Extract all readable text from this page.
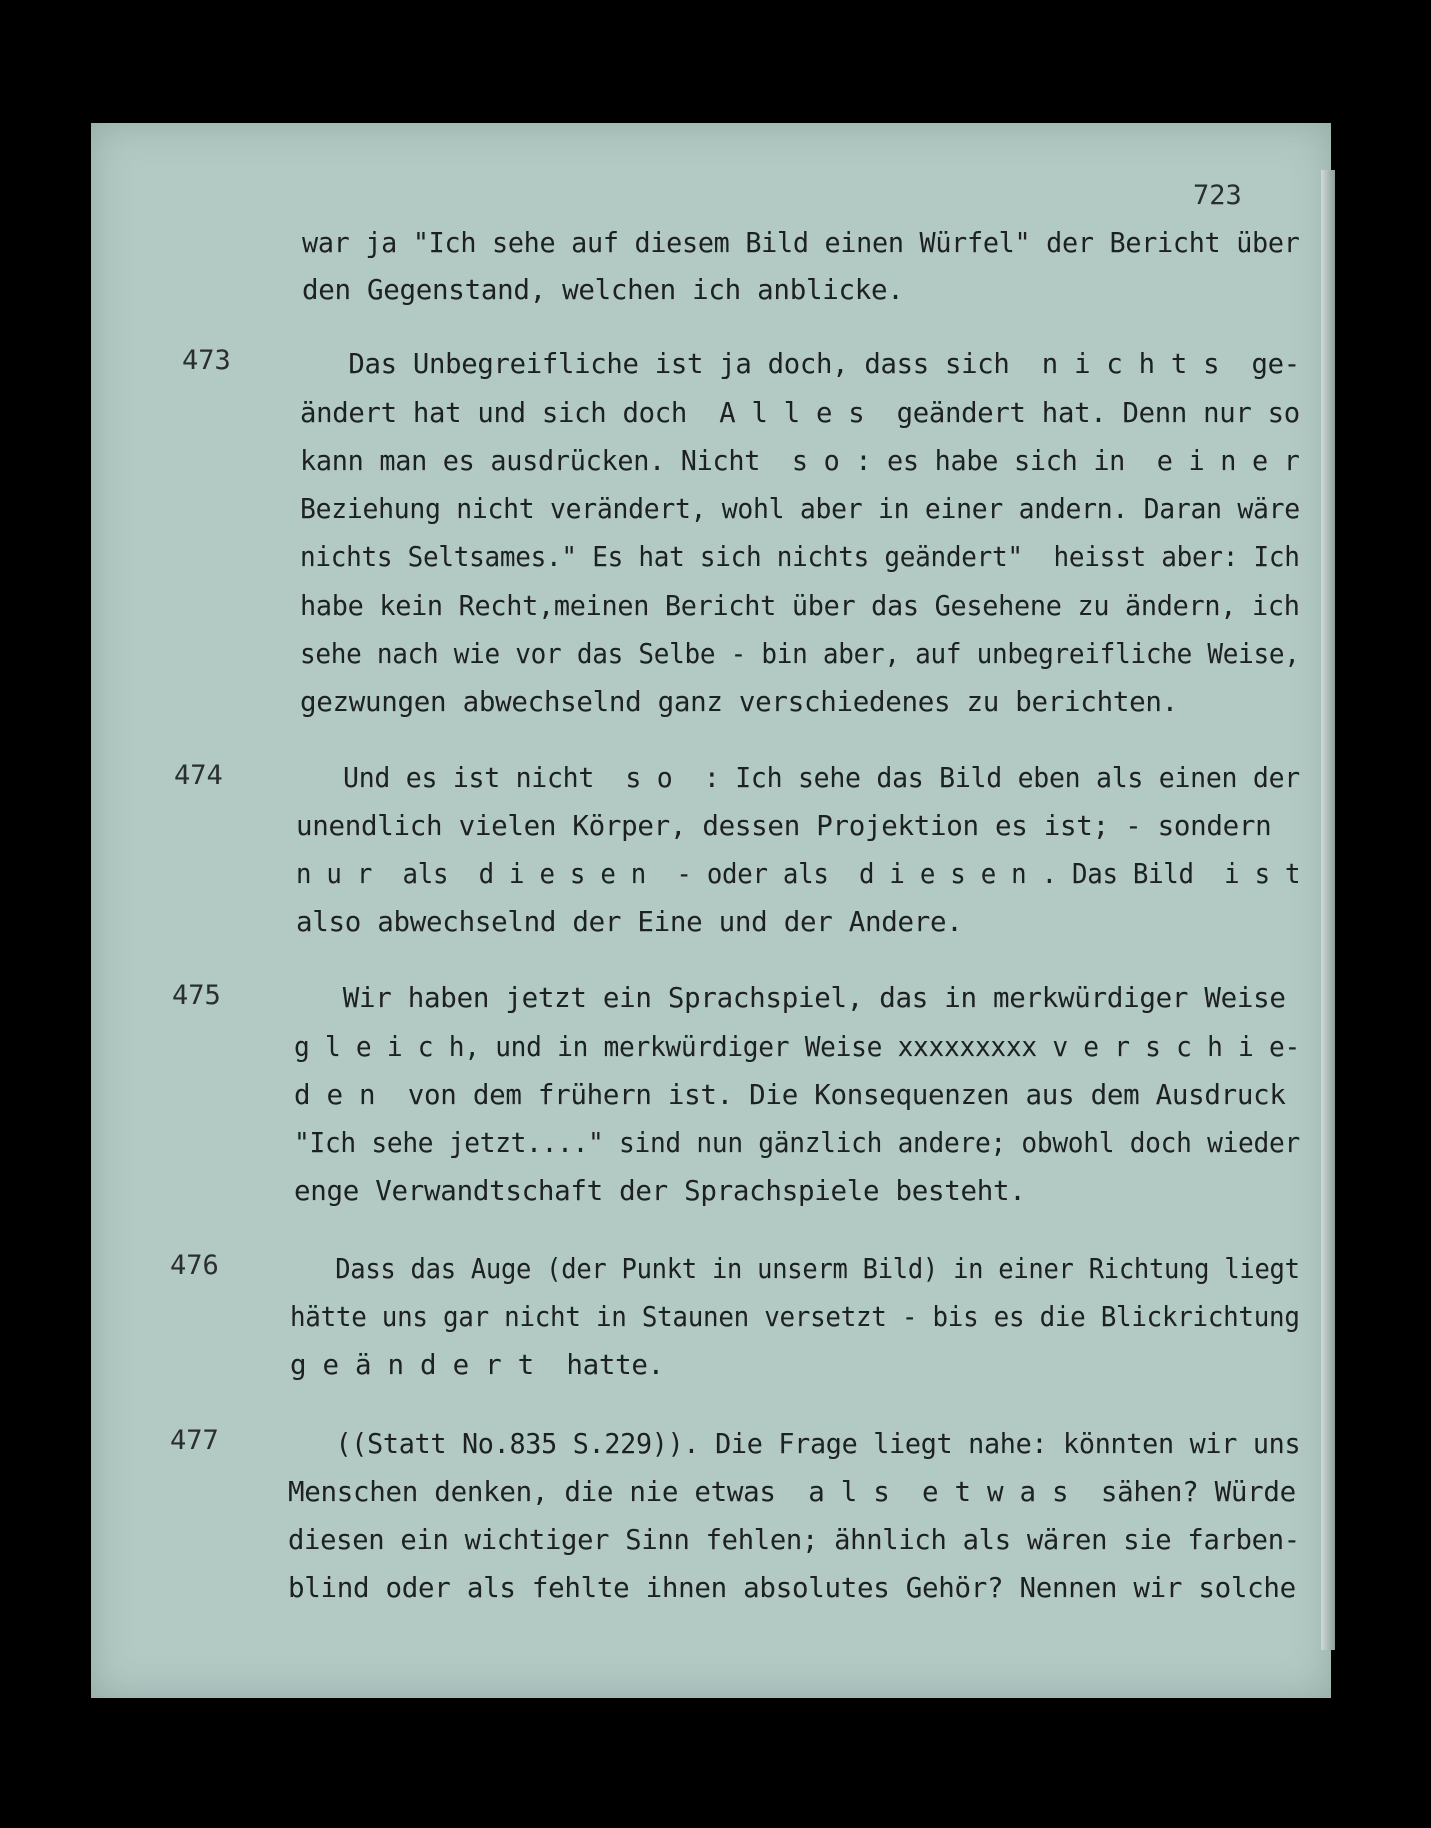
723
war ja "Ich sehe auf diesem Bild einen Würfel" der Bericht über
den Gegenstand, welchen ich anblicke.
473	Das Unbegreifliche ist ja doch, dass sich  n i c h t s  ge-
ändert hat und sich doch  A l l e s  geändert hat. Denn nur so
kann man es ausdrücken. Nicht  s o : es habe sich in  e i n e r
Beziehung nicht verändert, wohl aber in einer andern. Daran wäre
nichts Seltsames." Es hat sich nichts geändert"  heisst aber: Ich
habe kein Recht,meinen Bericht über das Gesehene zu ändern, ich
sehe nach wie vor das Selbe - bin aber, auf unbegreifliche Weise,
gezwungen abwechselnd ganz verschiedenes zu berichten.
474	Und es ist nicht  s o  : Ich sehe das Bild eben als einen der
unendlich vielen Körper, dessen Projektion es ist; - sondern
n u r  als  d i e s e n  - oder als  d i e s e n . Das Bild  i s t
also abwechselnd der Eine und der Andere.
475	Wir haben jetzt ein Sprachspiel, das in merkwürdiger Weise
g l e i c h, und in merkwürdiger Weise xxxxxxxxx v e r s c h i e-
d e n  von dem frühern ist. Die Konsequenzen aus dem Ausdruck
"Ich sehe jetzt...." sind nun gänzlich andere; obwohl doch wieder
enge Verwandtschaft der Sprachspiele besteht.
476	Dass das Auge (der Punkt in unserm Bild) in einer Richtung liegt
hätte uns gar nicht in Staunen versetzt - bis es die Blickrichtung
g e ä n d e r t  hatte.
477	((Statt No.835 S.229)). Die Frage liegt nahe: könnten wir uns
Menschen denken, die nie etwas  a l s  e t w a s  sähen? Würde
diesen ein wichtiger Sinn fehlen; ähnlich als wären sie farben-
blind oder als fehlte ihnen absolutes Gehör? Nennen wir solche
